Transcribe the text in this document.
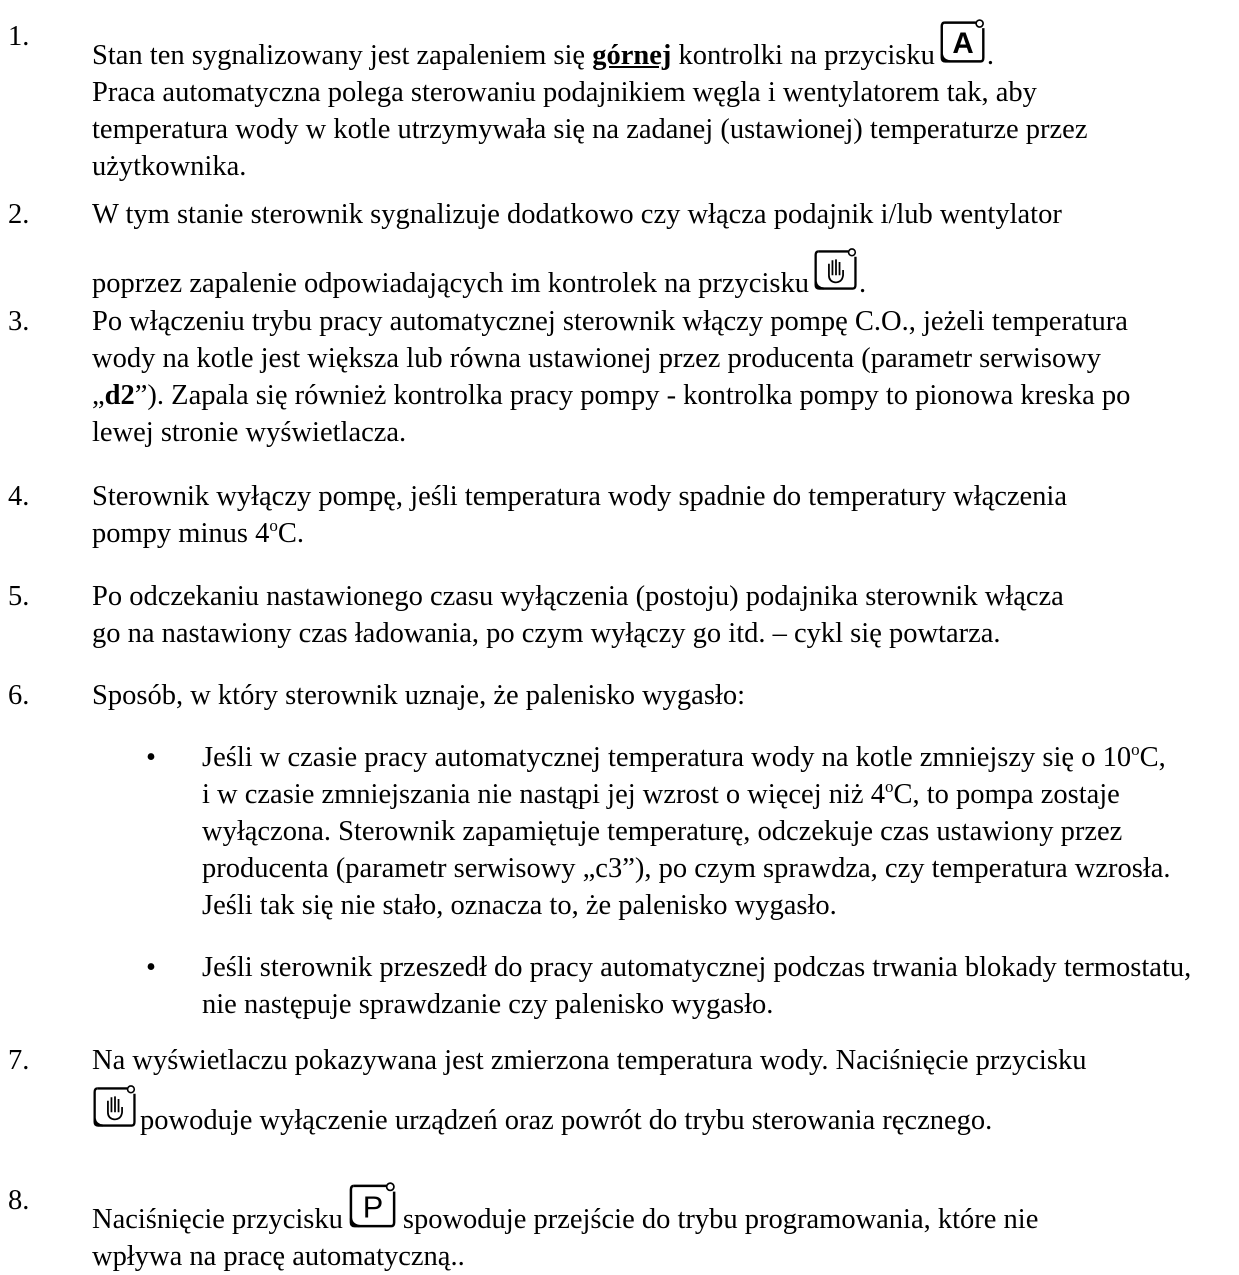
1.
Stan ten sygnalizowany jest zapaleniem się górnej kontrolki na przycisku A .
Praca automatyczna polega sterowaniu podajnikiem węgla i wentylatorem tak, aby
temperatura wody w kotle utrzymywała się na zadanej (ustawionej) temperaturze przez
użytkownika.
2. W tym stanie sterownik sygnalizuje dodatkowo czy włącza podajnik i/lub wentylator
poprzez zapalenie odpowiadających im kontrolek na przycisku .
3. Po włączeniu trybu pracy automatycznej sterownik włączy pompę C.O., jeżeli temperatura
wody na kotle jest większa lub równa ustawionej przez producenta (parametr serwisowy
„d2”). Zapala się również kontrolka pracy pompy - kontrolka pompy to pionowa kreska po
lewej stronie wyświetlacza.
4. Sterownik wyłączy pompę, jeśli temperatura wody spadnie do temperatury włączenia
pompy minus 4$^o$C.
5. Po odczekaniu nastawionego czasu wyłączenia (postoju) podajnika sterownik włącza
go na nastawiony czas ładowania, po czym wyłączy go itd. – cykl się powtarza.
6. Sposób, w który sterownik uznaje, że palenisko wygasło:
• Jeśli w czasie pracy automatycznej temperatura wody na kotle zmniejszy się o 10$^o$C,
i w czasie zmniejszania nie nastąpi jej wzrost o więcej niż 4$^o$C, to pompa zostaje
wyłączona. Sterownik zapamiętuje temperaturę, odczekuje czas ustawiony przez
producenta (parametr serwisowy „c3”), po czym sprawdza, czy temperatura wzrosła.
Jeśli tak się nie stało, oznacza to, że palenisko wygasło.
• Jeśli sterownik przeszedł do pracy automatycznej podczas trwania blokady termostatu,
nie następuje sprawdzanie czy palenisko wygasło.
7. Na wyświetlaczu pokazywana jest zmierzona temperatura wody. Naciśnięcie przycisku
powoduje wyłączenie urządzeń oraz powrót do trybu sterowania ręcznego.
8.
Naciśnięcie przycisku P spowoduje przejście do trybu programowania, które nie
wpływa na pracę automatyczną..
